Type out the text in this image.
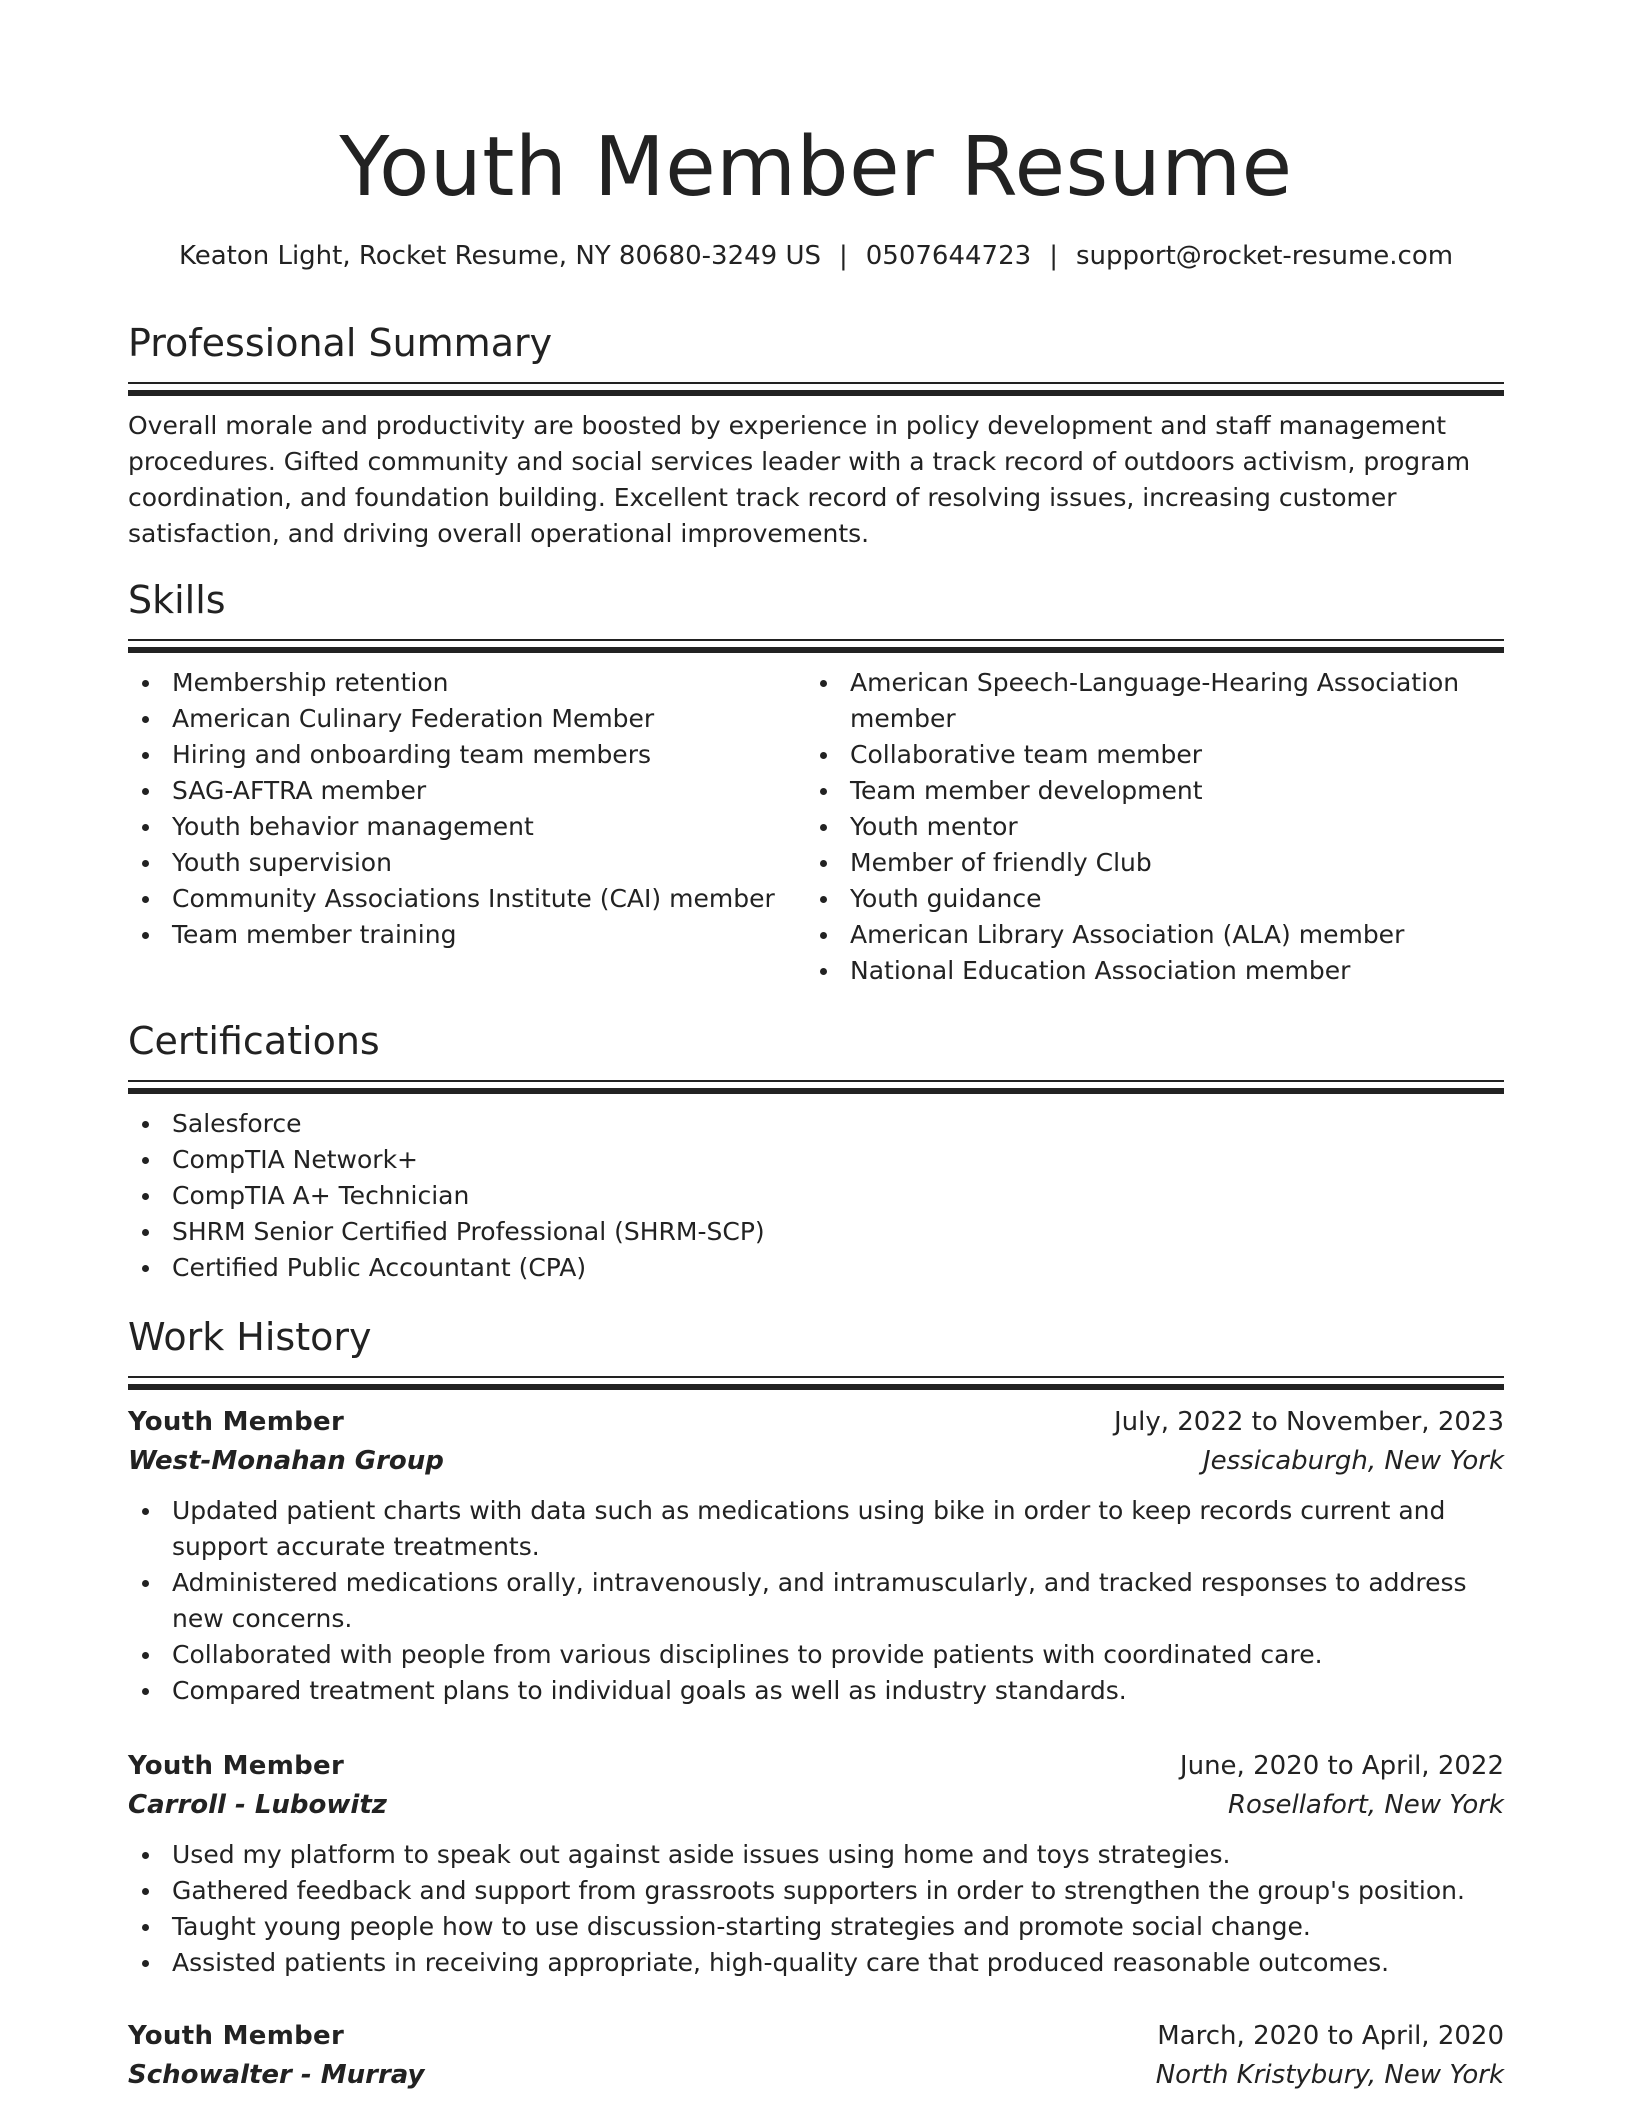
Youth Member Resume
Keaton Light, Rocket Resume, NY 80680-3249 US | 0507644723 | support@rocket-resume.com
Professional Summary

Overall morale and productivity are boosted by experience in policy development and staff management procedures. Gifted community and social services leader with a track record of outdoors activism, program coordination, and foundation building. Excellent track record of resolving issues, increasing customer satisfaction, and driving overall operational improvements.

Skills
Membership retention
American Culinary Federation Member
Hiring and onboarding team members
SAG-AFTRA member
Youth behavior management
Youth supervision
Community Associations Institute (CAI) member
Team member training
American Speech-Language-Hearing Association member
Collaborative team member
Team member development
Youth mentor
Member of friendly Club
Youth guidance
American Library Association (ALA) member
National Education Association member
Certifications
Salesforce
CompTIA Network+
CompTIA A+ Technician
SHRM Senior Certified Professional (SHRM-SCP)
Certified Public Accountant (CPA)
Work History
Youth Member	July, 2022 to November, 2023
West-Monahan Group	Jessicaburgh, New York
Updated patient charts with data such as medications using bike in order to keep records current and support accurate treatments.
Administered medications orally, intravenously, and intramuscularly, and tracked responses to address new concerns.
Collaborated with people from various disciplines to provide patients with coordinated care.
Compared treatment plans to individual goals as well as industry standards.
Youth Member	June, 2020 to April, 2022
Carroll - Lubowitz	Rosellafort, New York
Used my platform to speak out against aside issues using home and toys strategies.
Gathered feedback and support from grassroots supporters in order to strengthen the group's position.
Taught young people how to use discussion-starting strategies and promote social change.
Assisted patients in receiving appropriate, high-quality care that produced reasonable outcomes.
Youth Member	March, 2020 to April, 2020
Schowalter - Murray	North Kristybury, New York
